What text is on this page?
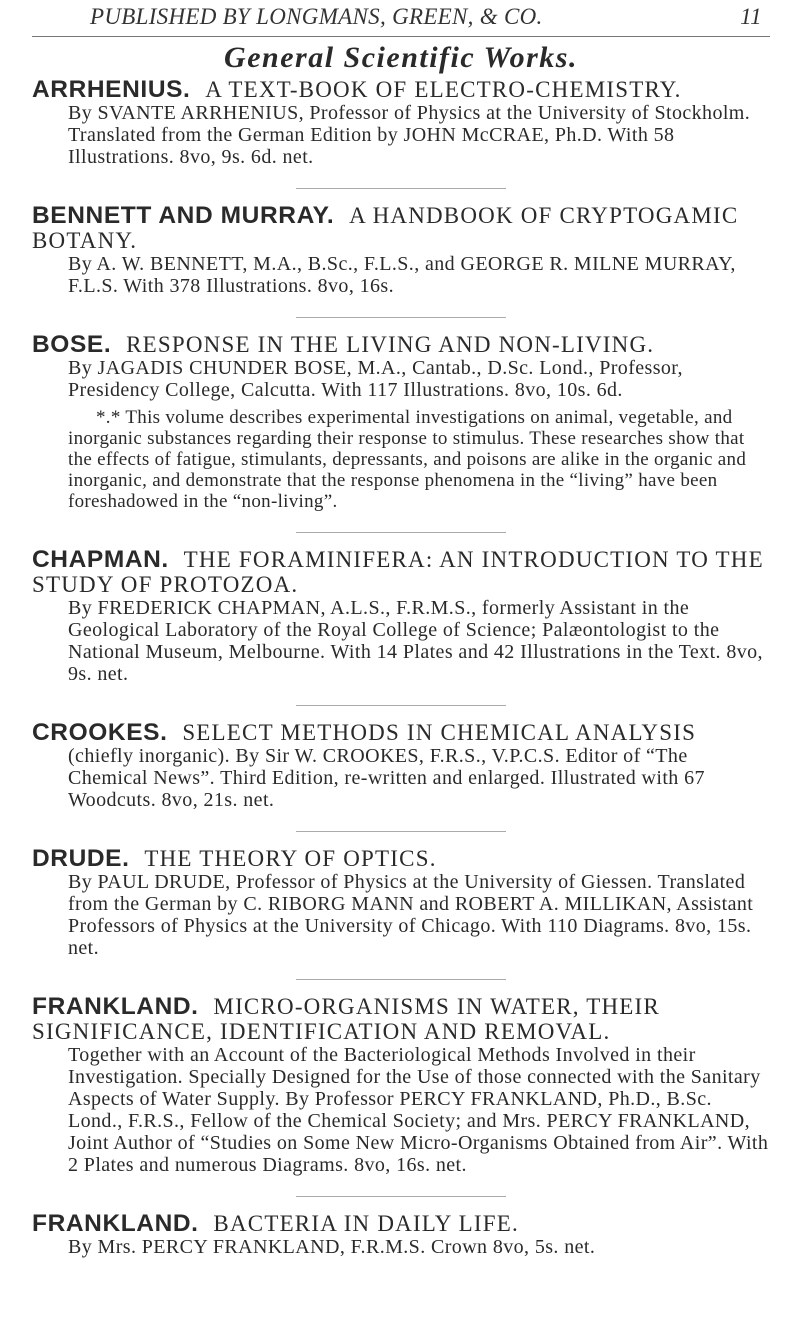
PUBLISHED BY LONGMANS, GREEN, & CO.	11
General Scientific Works.

ARRHENIUS. A TEXT-BOOK OF ELECTRO-CHEMISTRY.

By SVANTE ARRHENIUS, Professor of Physics at the University of Stockholm. Translated from the German Edition by JOHN McCRAE, Ph.D. With 58 Illustrations. 8vo, 9s. 6d. net.

BENNETT AND MURRAY. A HANDBOOK OF CRYPTOGAMIC BOTANY.

By A. W. BENNETT, M.A., B.Sc., F.L.S., and GEORGE R. MILNE MURRAY, F.L.S. With 378 Illustrations. 8vo, 16s.

BOSE. RESPONSE IN THE LIVING AND NON-LIVING.

By JAGADIS CHUNDER BOSE, M.A., Cantab., D.Sc. Lond., Professor, Presidency College, Calcutta. With 117 Illustrations. 8vo, 10s. 6d.

*.* This volume describes experimental investigations on animal, vegetable, and inorganic substances regarding their response to stimulus. These researches show that the effects of fatigue, stimulants, depressants, and poisons are alike in the organic and inorganic, and demonstrate that the response phenomena in the “living” have been foreshadowed in the “non-living”.

CHAPMAN. THE FORAMINIFERA: AN INTRODUCTION TO THE STUDY OF PROTOZOA.

By FREDERICK CHAPMAN, A.L.S., F.R.M.S., formerly Assistant in the Geological Laboratory of the Royal College of Science; Palæontologist to the National Museum, Melbourne. With 14 Plates and 42 Illustrations in the Text. 8vo, 9s. net.

CROOKES. SELECT METHODS IN CHEMICAL ANALYSIS

(chiefly inorganic). By Sir W. CROOKES, F.R.S., V.P.C.S. Editor of “The Chemical News”. Third Edition, re-written and enlarged. Illustrated with 67 Woodcuts. 8vo, 21s. net.

DRUDE. THE THEORY OF OPTICS.

By PAUL DRUDE, Professor of Physics at the University of Giessen. Translated from the German by C. RIBORG MANN and ROBERT A. MILLIKAN, Assistant Professors of Physics at the University of Chicago. With 110 Diagrams. 8vo, 15s. net.

FRANKLAND. MICRO-ORGANISMS IN WATER, THEIR SIGNIFICANCE, IDENTIFICATION AND REMOVAL.

Together with an Account of the Bacteriological Methods Involved in their Investigation. Specially Designed for the Use of those connected with the Sanitary Aspects of Water Supply. By Professor PERCY FRANKLAND, Ph.D., B.Sc. Lond., F.R.S., Fellow of the Chemical Society; and Mrs. PERCY FRANKLAND, Joint Author of “Studies on Some New Micro-Organisms Obtained from Air”. With 2 Plates and numerous Diagrams. 8vo, 16s. net.

FRANKLAND. BACTERIA IN DAILY LIFE.

By Mrs. PERCY FRANKLAND, F.R.M.S. Crown 8vo, 5s. net.
